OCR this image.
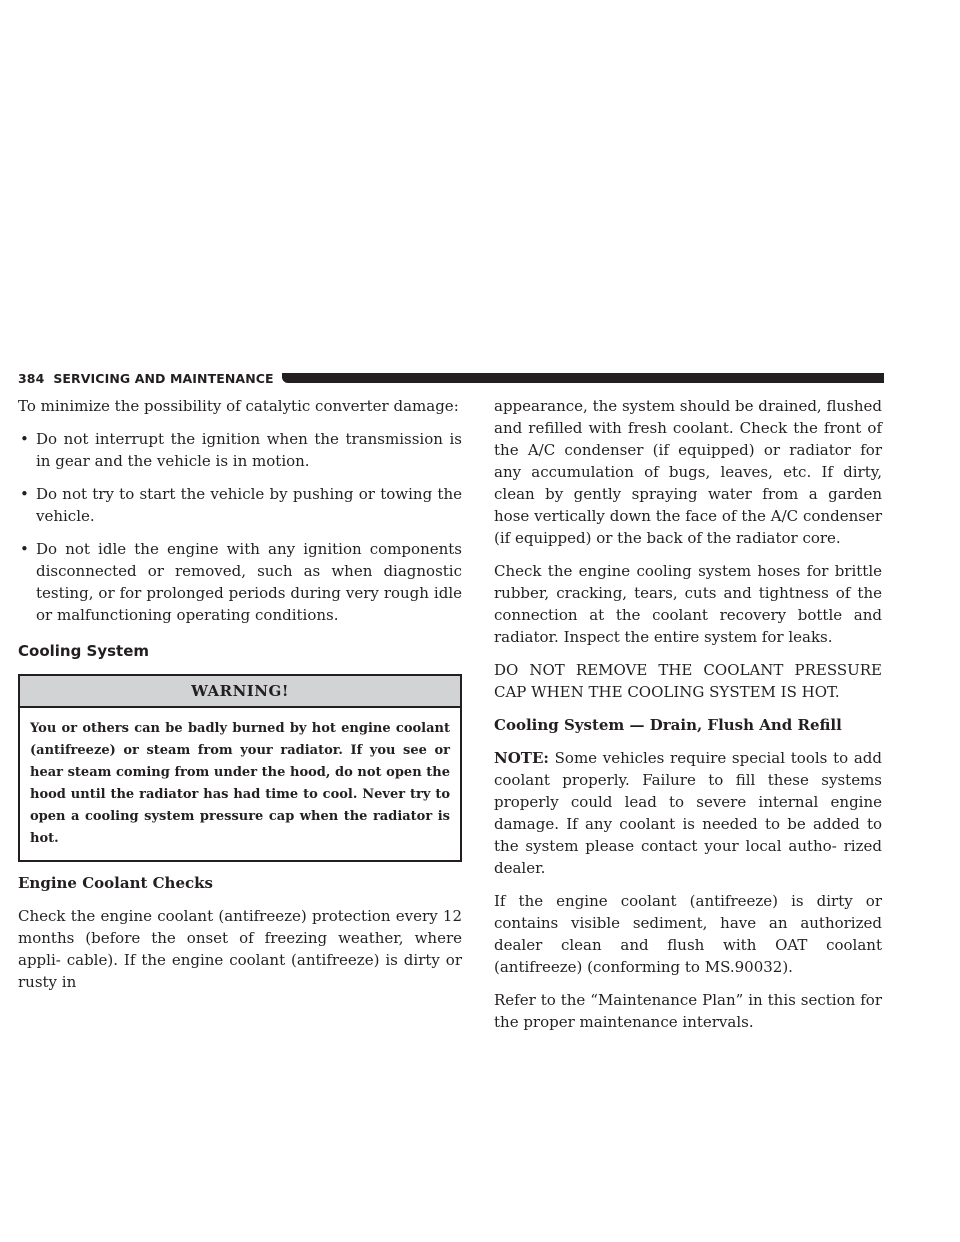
384 SERVICING AND MAINTENANCE

To minimize the possibility of catalytic converter damage:

• Do not interrupt the ignition when the transmission is in gear and the vehicle is in motion.
• Do not try to start the vehicle by pushing or towing the vehicle.
• Do not idle the engine with any ignition components disconnected or removed, such as when diagnostic testing, or for prolonged periods during very rough idle or malfunctioning operating conditions.
Cooling System
WARNING!
You or others can be badly burned by hot engine coolant (antifreeze) or steam from your radiator. If you see or hear steam coming from under the hood, do not open the hood until the radiator has had time to cool. Never try to open a cooling system pressure cap when the radiator is hot.
Engine Coolant Checks

Check the engine coolant (antifreeze) protection every 12 months (before the onset of freezing weather, where appli- cable). If the engine coolant (antifreeze) is dirty or rusty in

appearance, the system should be drained, flushed and refilled with fresh coolant. Check the front of the A/C condenser (if equipped) or radiator for any accumulation of bugs, leaves, etc. If dirty, clean by gently spraying water from a garden hose vertically down the face of the A/C condenser (if equipped) or the back of the radiator core.

Check the engine cooling system hoses for brittle rubber, cracking, tears, cuts and tightness of the connection at the coolant recovery bottle and radiator. Inspect the entire system for leaks.

DO NOT REMOVE THE COOLANT PRESSURE CAP WHEN THE COOLING SYSTEM IS HOT.

Cooling System — Drain, Flush And Refill

NOTE: Some vehicles require special tools to add coolant properly. Failure to fill these systems properly could lead to severe internal engine damage. If any coolant is needed to be added to the system please contact your local autho- rized dealer.

If the engine coolant (antifreeze) is dirty or contains visible sediment, have an authorized dealer clean and flush with OAT coolant (antifreeze) (conforming to MS.90032).

Refer to the “Maintenance Plan” in this section for the proper maintenance intervals.
